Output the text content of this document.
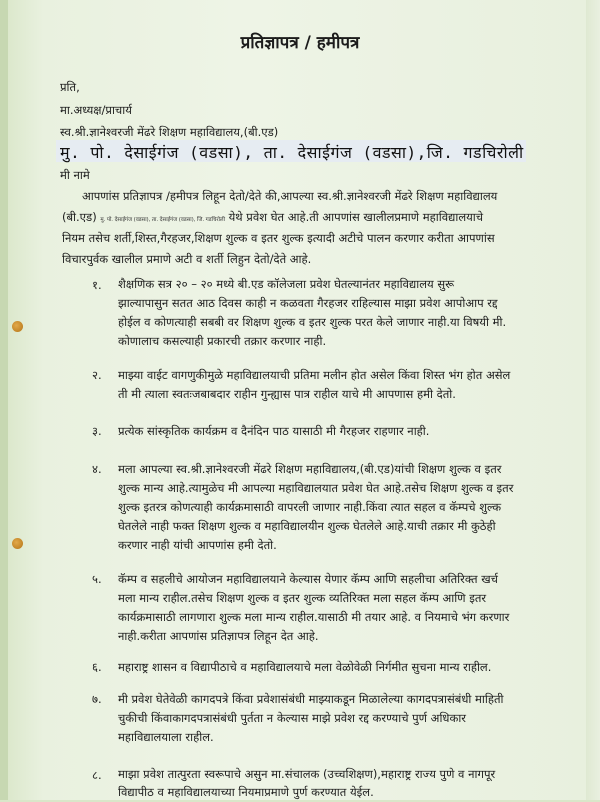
प्रतिज्ञापत्र / हमीपत्र
प्रति,
मा.अध्यक्ष/प्राचार्य
स्व.श्री.ज्ञानेश्वरजी मेंढरे शिक्षण महाविद्यालय,(बी.एड)
मु. पो. देसाईगंज (वडसा), ता. देसाईगंज (वडसा),जि. गडचिरोली
मी नामे
आपणांस प्रतिज्ञापत्र /हमीपत्र लिहून देतो/देते की,आपल्या स्व.श्री.ज्ञानेश्वरजी मेंढरे शिक्षण महाविद्यालय
(बी.एड) मु. पो. देसाईगंज (वडसा), ता. देसाईगंज (वडसा), जि. गडचिरोली येथे प्रवेश घेत आहे.ती आपणांस खालीलप्रमाणे महाविद्यालयाचे
नियम तसेच शर्ती,शिस्त,गैरहजर,शिक्षण शुल्क व इतर शुल्क इत्यादी अटीचे पालन करणार करीता आपणांस
विचारपुर्वक खालील प्रमाणे अटी व शर्ती लिहुन देतो/देते आहे.
१. शैक्षणिक सत्र २० – २० मध्ये बी.एड कॉलेजला प्रवेश घेतल्यानंतर महाविद्यालय सुरू
झाल्यापासुन सतत आठ दिवस काही न कळवता गैरहजर राहिल्यास माझा प्रवेश आपोआप रद्द
होईल व कोणत्याही सबबी वर शिक्षण शुल्क व इतर शुल्क परत केले जाणार नाही.या विषयी मी.
कोणालाच कसल्याही प्रकारची तक्रार करणार नाही.
२. माझ्या वाईट वागणुकीमुळे महाविद्यालयाची प्रतिमा मलीन होत असेल किंवा शिस्त भंग होत असेल
ती मी त्याला स्वतःजबाबदार राहीन गुन्ह्यास पात्र राहील याचे मी आपणास हमी देतो.
३. प्रत्येक सांस्कृतिक कार्यक्रम व दैनंदिन पाठ यासाठी मी गैरहजर राहणार नाही.
४. मला आपल्या स्व.श्री.ज्ञानेश्वरजी मेंढरे शिक्षण महाविद्यालय,(बी.एड)यांची शिक्षण शुल्क व इतर
शुल्क मान्य आहे.त्यामुळेच मी आपल्या महाविद्यालयात प्रवेश घेत आहे.तसेच शिक्षण शुल्क व इतर
शुल्क इतरत्र कोणत्याही कार्यक्रमासाठी वापरली जाणार नाही.किंवा त्यात सहल व कॅम्पचे शुल्क
घेतलेले नाही फक्त शिक्षण शुल्क व महाविद्यालयीन शुल्क घेतलेले आहे.याची तक्रार मी कुठेही
करणार नाही यांची आपणांस हमी देतो.
५. कॅम्प व सहलीचे आयोजन महाविद्यालयाने केल्यास येणार कॅम्प आणि सहलीचा अतिरिक्त खर्च
मला मान्य राहील.तसेच शिक्षण शुल्क व इतर शुल्क व्यतिरिक्त मला सहल कॅम्प आणि इतर
कार्यक्रमासाठी लागणारा शुल्क मला मान्य राहील.यासाठी मी तयार आहे. व नियमाचे भंग करणार
नाही.करीता आपणांस प्रतिज्ञापत्र लिहून देत आहे.
६. महाराष्ट्र शासन व विद्यापीठाचे व महाविद्यालयाचे मला वेळोवेळी निर्गमीत सुचना मान्य राहील.
७. मी प्रवेश घेतेवेळी कागदपत्रे किंवा प्रवेशासंबंधी माझ्याकडून मिळालेल्या कागदपत्रासंबंधी माहिती
चुकीची किंवाकागदपत्रासंबंधी पुर्तता न केल्यास माझे प्रवेश रद्द करण्याचे पुर्ण अधिकार
महाविद्यालयाला राहील.
८. माझा प्रवेश तात्पुरता स्वरूपाचे असुन मा.संचालक (उच्चशिक्षण),महाराष्ट्र राज्य पुणे व नागपूर
विद्यापीठ व महाविद्यालयाच्या नियमाप्रमाणे पुर्ण करण्यात येईल.
